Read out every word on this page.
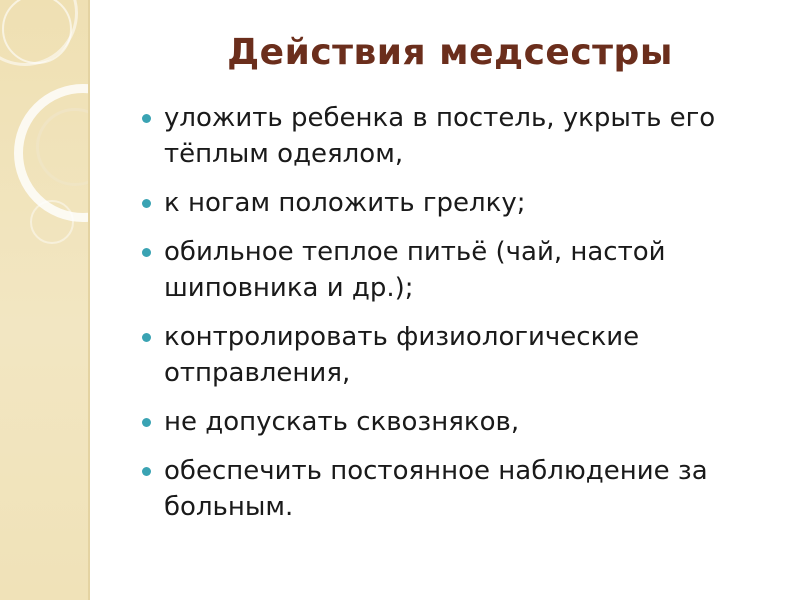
Действия медсестры
уложить ребенка в постель, укрыть его тёплым одеялом,
к ногам положить грелку;
обильное теплое питьё (чай, настой шиповника и др.);
контролировать физиологические отправления,
не допускать сквозняков,
обеспечить постоянное наблюдение за больным.
